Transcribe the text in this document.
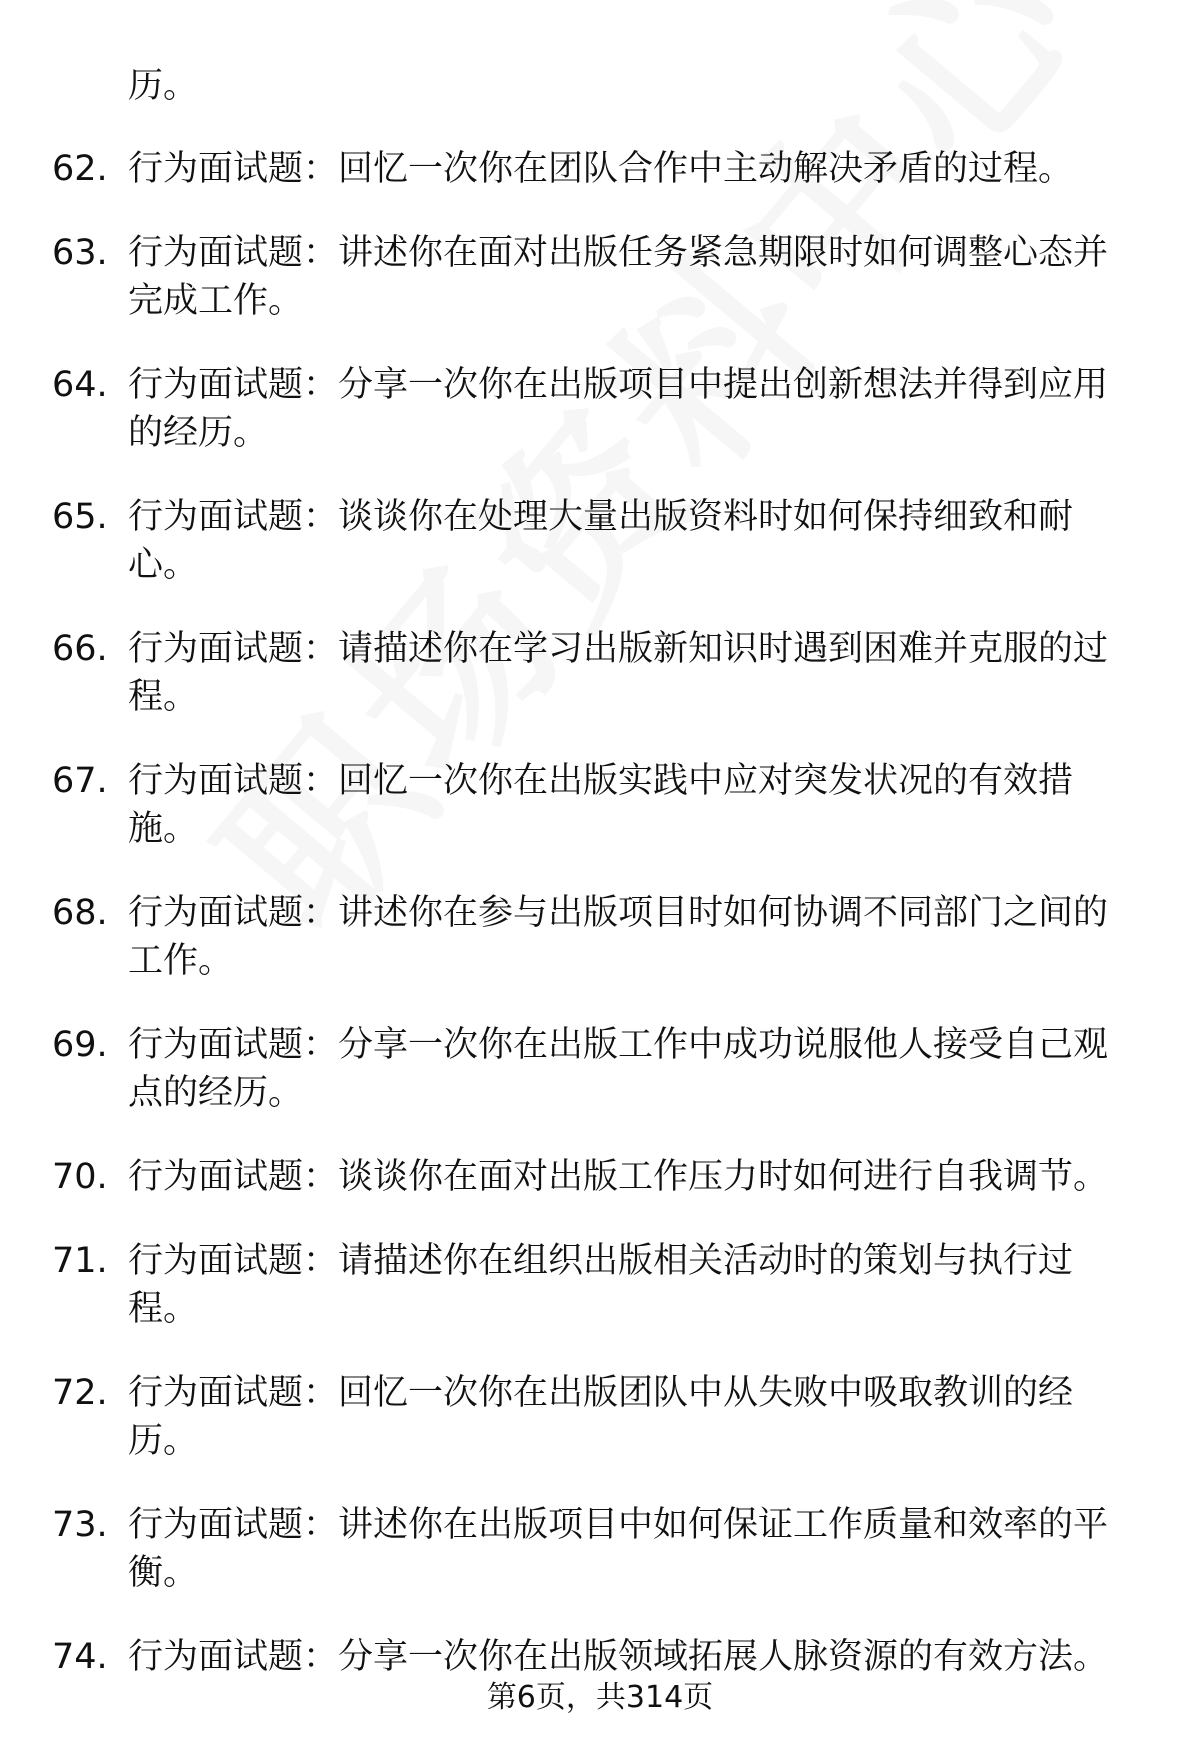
历。
62. 行为面试题：回忆一次你在团队合作中主动解决矛盾的过程。
63. 行为面试题：讲述你在面对出版任务紧急期限时如何调整心态并完成工作。
64. 行为面试题：分享一次你在出版项目中提出创新想法并得到应用的经历。
65. 行为面试题：谈谈你在处理大量出版资料时如何保持细致和耐心。
66. 行为面试题：请描述你在学习出版新知识时遇到困难并克服的过程。
67. 行为面试题：回忆一次你在出版实践中应对突发状况的有效措施。
68. 行为面试题：讲述你在参与出版项目时如何协调不同部门之间的工作。
69. 行为面试题：分享一次你在出版工作中成功说服他人接受自己观点的经历。
70. 行为面试题：谈谈你在面对出版工作压力时如何进行自我调节。
71. 行为面试题：请描述你在组织出版相关活动时的策划与执行过程。
72. 行为面试题：回忆一次你在出版团队中从失败中吸取教训的经历。
73. 行为面试题：讲述你在出版项目中如何保证工作质量和效率的平衡。
74. 行为面试题：分享一次你在出版领域拓展人脉资源的有效方法。
第6页，共314页
